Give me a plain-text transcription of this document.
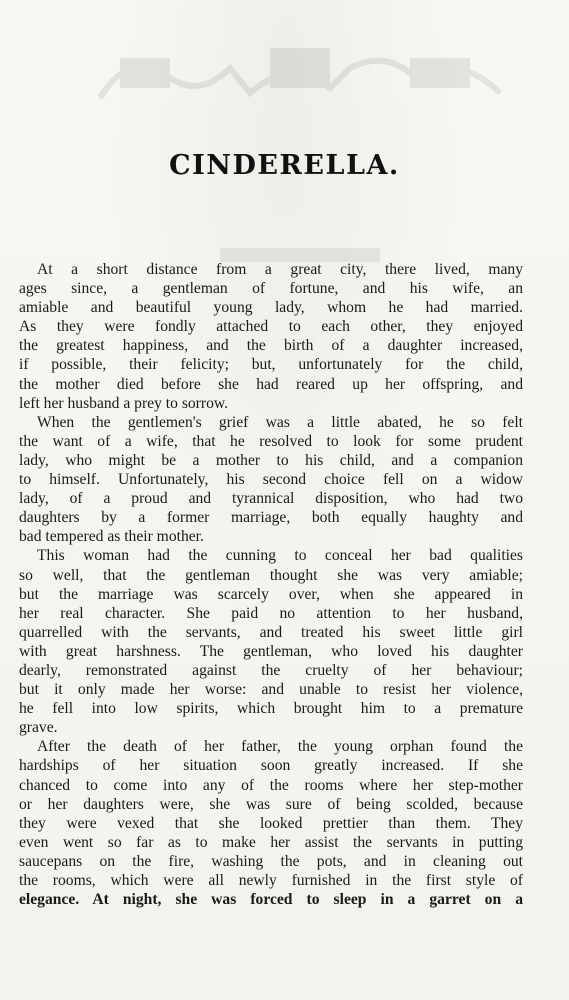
CINDERELLA.
At a short distance from a great city, there lived, many
ages since, a gentleman of fortune, and his wife, an
amiable and beautiful young lady, whom he had married.
As they were fondly attached to each other, they enjoyed
the greatest happiness, and the birth of a daughter increased,
if possible, their felicity; but, unfortunately for the child,
the mother died before she had reared up her offspring, and
left her husband a prey to sorrow.
When the gentlemen's grief was a little abated, he so felt
the want of a wife, that he resolved to look for some prudent
lady, who might be a mother to his child, and a companion
to himself. Unfortunately, his second choice fell on a widow
lady, of a proud and tyrannical disposition, who had two
daughters by a former marriage, both equally haughty and
bad tempered as their mother.
This woman had the cunning to conceal her bad qualities
so well, that the gentleman thought she was very amiable;
but the marriage was scarcely over, when she appeared in
her real character. She paid no attention to her husband,
quarrelled with the servants, and treated his sweet little girl
with great harshness. The gentleman, who loved his daughter
dearly, remonstrated against the cruelty of her behaviour;
but it only made her worse: and unable to resist her violence,
he fell into low spirits, which brought him to a premature
grave.
After the death of her father, the young orphan found the
hardships of her situation soon greatly increased. If she
chanced to come into any of the rooms where her step-mother
or her daughters were, she was sure of being scolded, because
they were vexed that she looked prettier than them. They
even went so far as to make her assist the servants in putting
saucepans on the fire, washing the pots, and in cleaning out
the rooms, which were all newly furnished in the first style of
elegance. At night, she was forced to sleep in a garret on a
